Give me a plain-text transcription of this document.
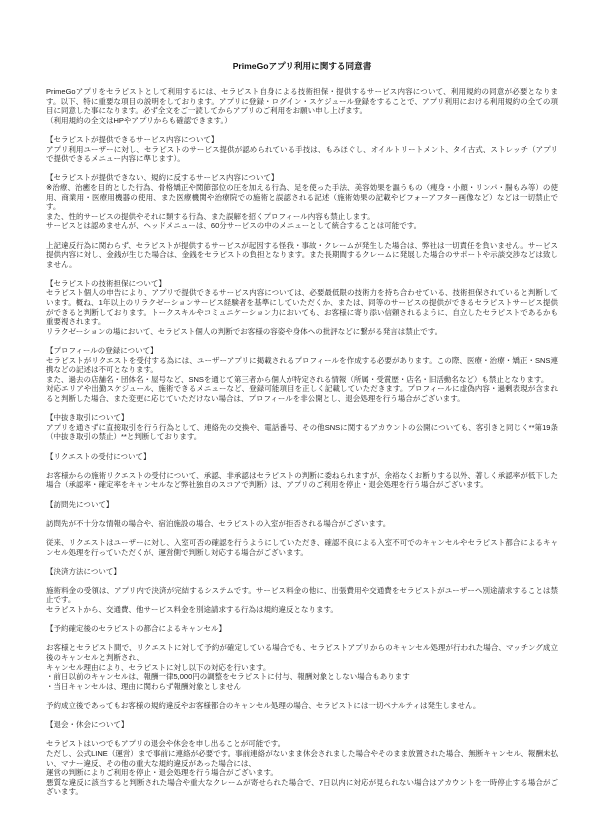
PrimeGoアプリ利用に関する同意書
PrimeGoアプリをセラピストとして利用するには、セラピスト自身による技術担保・提供するサービス内容について、利用規約の同意が必要となります。以下、特に重要な項目の説明をしております。アプリに登録・ログイン・スケジュール登録をすることで、アプリ利用における利用規約の全ての項目に同意した事になります。必ず全文をご一読してからアプリのご利用をお願い申し上げます。
（利用規約の全文はHPやアプリからも確認できます。）
【セラピストが提供できるサービス内容について】
アプリ利用ユーザーに対し、セラピストのサービス提供が認められている手技は、もみほぐし、オイルトリートメント、タイ古式、ストレッチ（アプリで提供できるメニュー内容に準じます）。
【セラピストが提供できない、規約に反するサービス内容について】
※治療、治癒を目的とした行為、骨格矯正や関節部位の圧を加える行為、足を使った手法、美容効果を謳うもの（痩身・小顔・リンパ・腸もみ等）の使用、商業用・医療用機器の使用、また医療機関や治療院での施術と誤認される記述（施術効果の記載やビフォーアフター画像など）などは一切禁止です。
また、性的サービスの提供やそれに類する行為、また誤解を招くプロフィール内容も禁止します。
サービスとは認めませんが、ヘッドメニューは、60分サービスの中のメニューとして統合することは可能です。
上記違反行為に関わらず、セラピストが提供するサービスが起因する怪我・事故・クレームが発生した場合は、弊社は一切責任を負いません。サービス提供内容に対し、金銭が生じた場合は、金銭をセラピストの負担となります。また長期間するクレームに発展した場合のサポートや示談交渉などは致しません。
【セラピストの技術担保について】
セラピスト個人の申告により、アプリで提供できるサービス内容については、必要最低限の技術力を持ち合わせている、技術担保されていると判断しています。概ね、1年以上のリラクゼーションサービス経験者を基準にしていただくか、または、同等のサービスの提供ができるセラピストサービス提供ができると判断しております。トークスキルやコミュニケーション力においても、お客様に寄り添い信頼されるように、自立したセラピストであるかも重要視されます。
リラクゼーションの場において、セラピスト個人の判断でお客様の容姿や身体への批評などに繋がる発言は禁止です。
【プロフィールの登録について】
セラピストがリクエストを受付する為には、ユーザーアプリに掲載されるプロフィールを作成する必要があります。この際、医療・治療・矯正・SNS連携などの記述は不可となります。
また、過去の店舗名・団体名・屋号など、SNSを通じて第三者から個人が特定される情報（所属・受賞歴・店名・旧活動名など）も禁止となります。
対応エリアや出勤スケジュール、施術できるメニューなど、登録可能項目を正しく記載していただきます。プロフィールに虚偽内容・過剰表現が含まれると判断した場合、また変更に応じていただけない場合は、プロフィールを非公開とし、退会処理を行う場合がございます。
【中抜き取引について】
アプリを通さずに直接取引を行う行為として、連絡先の交換や、電話番号、その他SNSに関するアカウントの公開についても、客引きと同じく**第19条（中抜き取引の禁止）**と判断しております。
【リクエストの受付について】
お客様からの施術リクエストの受付について、承認、非承認はセラピストの判断に委ねられますが、余裕なくお断りする以外、著しく承認率が低下した場合（承認率・確定率をキャンセルなど弊社独自のスコアで判断）は、アプリのご利用を停止・退会処理を行う場合がございます。
【訪問先について】
訪問先が不十分な情報の場合や、宿泊施設の場合、セラピストの入室が拒否される場合がございます。
従来、リクエストはユーザーに対し、入室可否の確認を行うようにしていただき、確認不良による入室不可でのキャンセルやセラピスト都合によるキャンセル処理を行っていただくが、運営側で判断し対応する場合がございます。
【決済方法について】
施術料金の受領は、アプリ内で決済が完結するシステムです。サービス料金の他に、出張費用や交通費をセラピストがユーザーへ別途請求することは禁止です。
セラピストから、交通費、他サービス料金を別途請求する行為は規約違反となります。
【予約確定後のセラピストの都合によるキャンセル】
お客様とセラピスト間で、リクエストに対して予約が確定している場合でも、セラピストアプリからのキャンセル処理が行われた場合、マッチング成立後のキャンセルと判断され、
キャンセル理由により、セラピストに対し以下の対応を行います。
・前日以前のキャンセルは、報酬一律5,000円の調整をセラピストに付与、報酬対象としない場合もあります
・当日キャンセルは、理由に関わらず報酬対象としません
予約成立後であってもお客様の規約違反やお客様都合のキャンセル処理の場合、セラピストには一切ペナルティは発生しません。
【退会・休会について】
セラピストはいつでもアプリの退会や休会を申し出ることが可能です。
ただし、公式LINE（運営）まで事前に連絡が必要です。事前連絡がないまま休会されました場合やそのまま放置された場合、無断キャンセル、報酬未払い、マナー違反、その他の重大な規約違反があった場合には、
運営の判断によりご利用を停止・退会処理を行う場合がございます。
悪質な違反に該当すると判断された場合や重大なクレームが寄せられた場合で、7日以内に対応が見られない場合はアカウントを一時停止する場合がございます。
